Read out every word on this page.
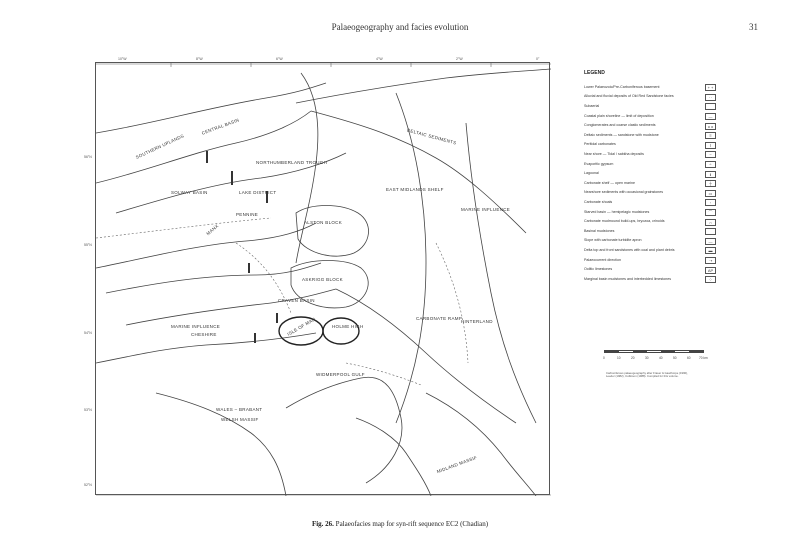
Palaeogeography and facies evolution	31
10°W	8°W	6°W	4°W	2°W	0°
56°N
55°N
54°N
53°N
52°N
SOUTHERN UPLANDS
CENTRAL BASIN
SOLWAY BASIN
NORTHUMBERLAND TROUGH
ALSTON BLOCK
ASKRIGG BLOCK
CRAVEN BASIN
MANX
ISLE OF MAN
MARINE INFLUENCE
MARINE INFLUENCE
LAKE DISTRICT
PENNINE
HOLME HIGH
WIDMERPOOL GULF
CARBONATE RAMP
CHESHIRE
HINTERLAND
WALES – BRABANT
WELSH MASSIF
MIDLAND MASSIF
EAST MIDLANDS SHELF
DELTAIC SEDIMENTS
LEGEND
Lower Palaeozoic/Pre-Carboniferous basement	+ +
Alluvial and fluvial deposits of Old Red Sandstone facies	· ·
Subaerial
Coastal plain shoreline — limit of deposition	—
Conglomerates and coarse clastic sediments	o o
Deltaic sediments — sandstone with mudstone	≡
Peritidal carbonates	⌇
Near shore — Tidal / sabkha deposits	~
Evaporitic gypsum	^
Lagoonal	‖
Carbonate shelf — open marine	┼
Nearshore sediments with occasional grainstones	▭
Carbonate shoals	◦
Starved basin — hemipelagic mudstones	⌒
Carbonate mudmound build-ups, bryozoa, crinoids	∩
Basinal mudstones
Slope with carbonate turbidite apron	―
Delta top and front sandstones with coal and plant debris	▬
Palaeocurrent direction	⇢
Oolitic limestones	AP
Marginal basin mudstones and interbedded limestones	⁘
0	10	20	30	40	50	60	70 km
Carboniferous palaeogeography after Fraser & Gawthorpe (1990), Leeder (1982), Collinson (1988). Compiled for this volume.
Fig. 26. Palaeofacies map for syn-rift sequence EC2 (Chadian)
